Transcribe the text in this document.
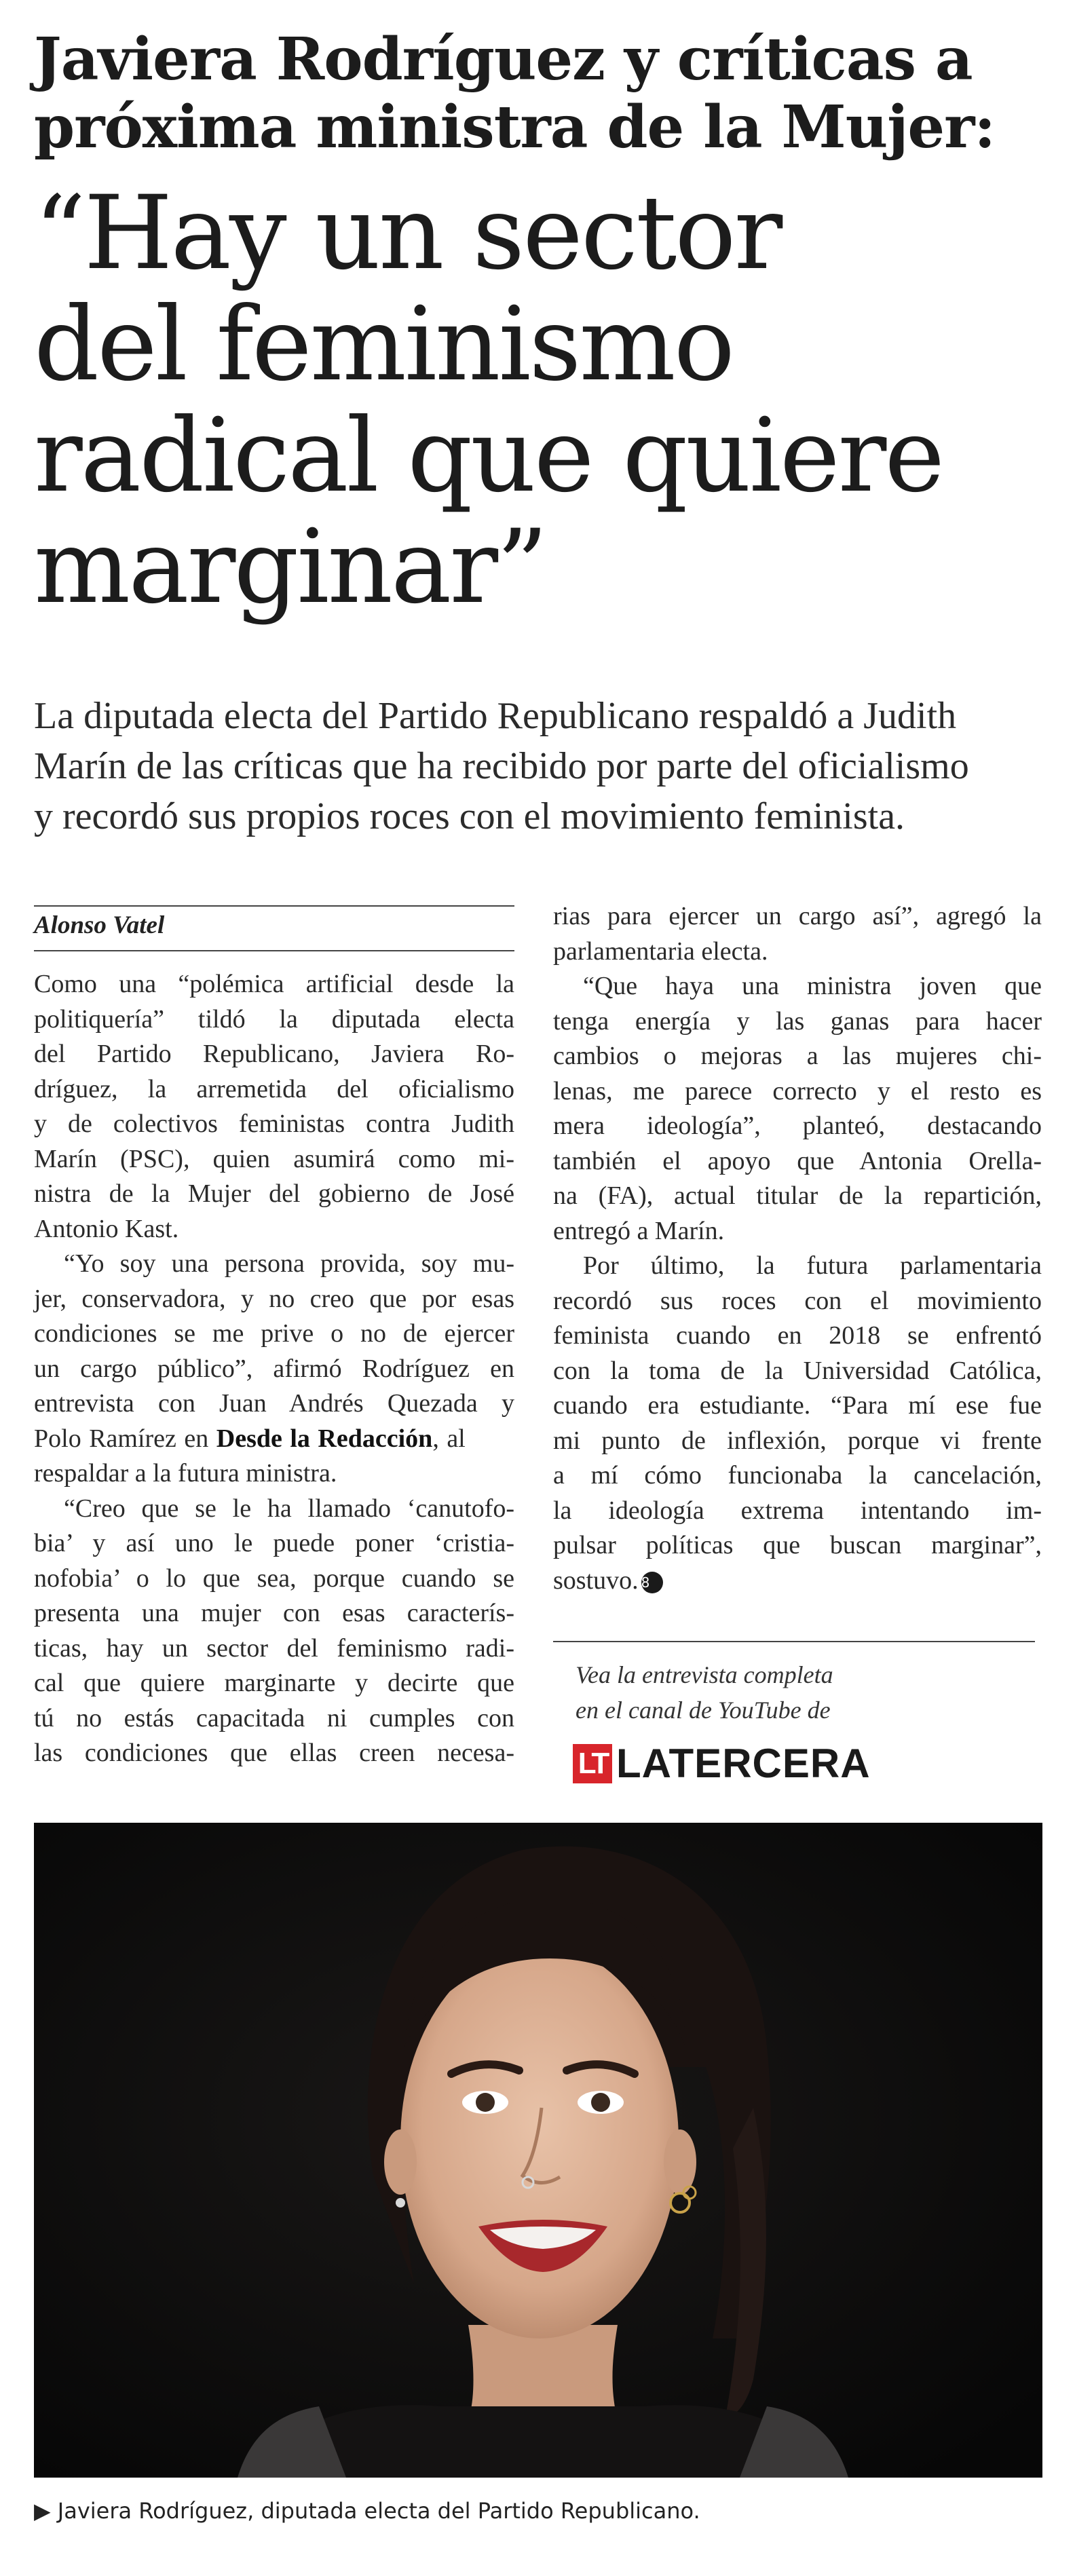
Javiera Rodríguez y críticas a
próxima ministra de la Mujer:
“Hay un sector
del feminismo
radical que quiere
marginar”
La diputada electa del Partido Republicano respaldó a Judith
Marín de las críticas que ha recibido por parte del oficialismo
y recordó sus propios roces con el movimiento feminista.
Alonso Vatel
Como una “polémica artificial desde la
politiquería” tildó la diputada electa
del Partido Republicano, Javiera Ro-
dríguez, la arremetida del oficialismo
y de colectivos feministas contra Judith
Marín (PSC), quien asumirá como mi-
nistra de la Mujer del gobierno de José
Antonio Kast.
“Yo soy una persona provida, soy mu-
jer, conservadora, y no creo que por esas
condiciones se me prive o no de ejercer
un cargo público”, afirmó Rodríguez en
entrevista con Juan Andrés Quezada y
Polo Ramírez en Desde la Redacción, al
respaldar a la futura ministra.
“Creo que se le ha llamado ‘canutofo-
bia’ y así uno le puede poner ‘cristia-
nofobia’ o lo que sea, porque cuando se
presenta una mujer con esas caracterís-
ticas, hay un sector del feminismo radi-
cal que quiere marginarte y decirte que
tú no estás capacitada ni cumples con
las condiciones que ellas creen necesa-
rias para ejercer un cargo así”, agregó la
parlamentaria electa.
“Que haya una ministra joven que
tenga energía y las ganas para hacer
cambios o mejoras a las mujeres chi-
lenas, me parece correcto y el resto es
mera ideología”, planteó, destacando
también el apoyo que Antonia Orella-
na (FA), actual titular de la repartición,
entregó a Marín.
Por último, la futura parlamentaria
recordó sus roces con el movimiento
feminista cuando en 2018 se enfrentó
con la toma de la Universidad Católica,
cuando era estudiante. “Para mí ese fue
mi punto de inflexión, porque vi frente
a mí cómo funcionaba la cancelación,
la ideología extrema intentando im-
pulsar políticas que buscan marginar”,
sostuvo. 8
Vea la entrevista completa
en el canal de YouTube de
LT LATERCERA
▶ Javiera Rodríguez, diputada electa del Partido Republicano.
